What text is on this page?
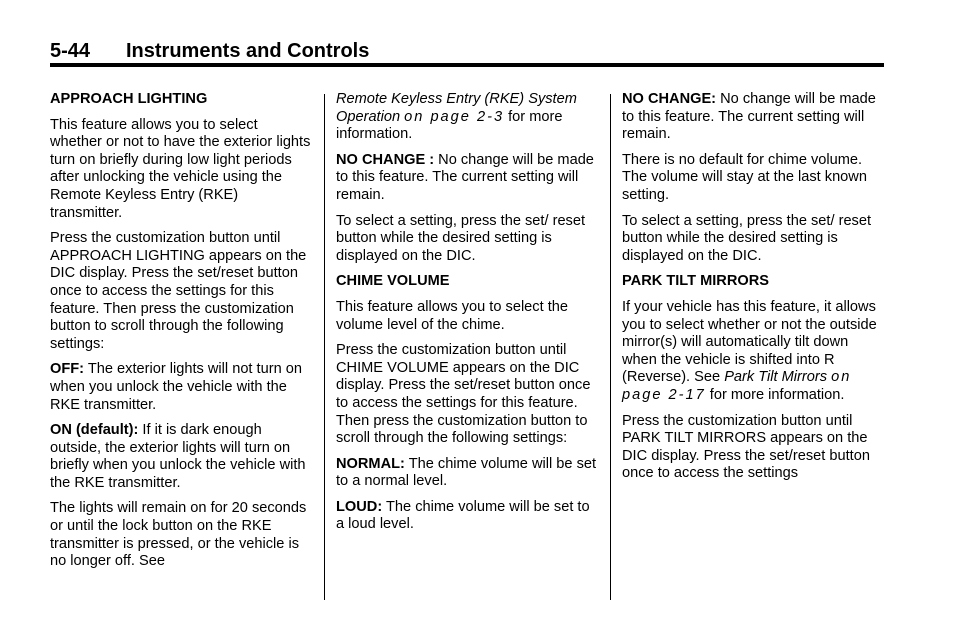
5-44 Instruments and Controls

APPROACH LIGHTING

This feature allows you to select whether or not to have the exterior lights turn on briefly during low light periods after unlocking the vehicle using the Remote Keyless Entry (RKE) transmitter.

Press the customization button until APPROACH LIGHTING appears on the DIC display. Press the set/reset button once to access the settings for this feature. Then press the customization button to scroll through the following settings:

OFF: The exterior lights will not turn on when you unlock the vehicle with the RKE transmitter.

ON (default): If it is dark enough outside, the exterior lights will turn on briefly when you unlock the vehicle with the RKE transmitter.

The lights will remain on for 20 seconds or until the lock button on the RKE transmitter is pressed, or the vehicle is no longer off. See

Remote Keyless Entry (RKE) System Operation on page 2-3 for more information.

NO CHANGE : No change will be made to this feature. The current setting will remain.

To select a setting, press the set/ reset button while the desired setting is displayed on the DIC.

CHIME VOLUME

This feature allows you to select the volume level of the chime.

Press the customization button until CHIME VOLUME appears on the DIC display. Press the set/reset button once to access the settings for this feature. Then press the customization button to scroll through the following settings:

NORMAL: The chime volume will be set to a normal level.

LOUD: The chime volume will be set to a loud level.

NO CHANGE: No change will be made to this feature. The current setting will remain.

There is no default for chime volume. The volume will stay at the last known setting.

To select a setting, press the set/ reset button while the desired setting is displayed on the DIC.

PARK TILT MIRRORS

If your vehicle has this feature, it allows you to select whether or not the outside mirror(s) will automatically tilt down when the vehicle is shifted into R (Reverse). See Park Tilt Mirrors on page 2-17 for more information.

Press the customization button until PARK TILT MIRRORS appears on the DIC display. Press the set/reset button once to access the settings
